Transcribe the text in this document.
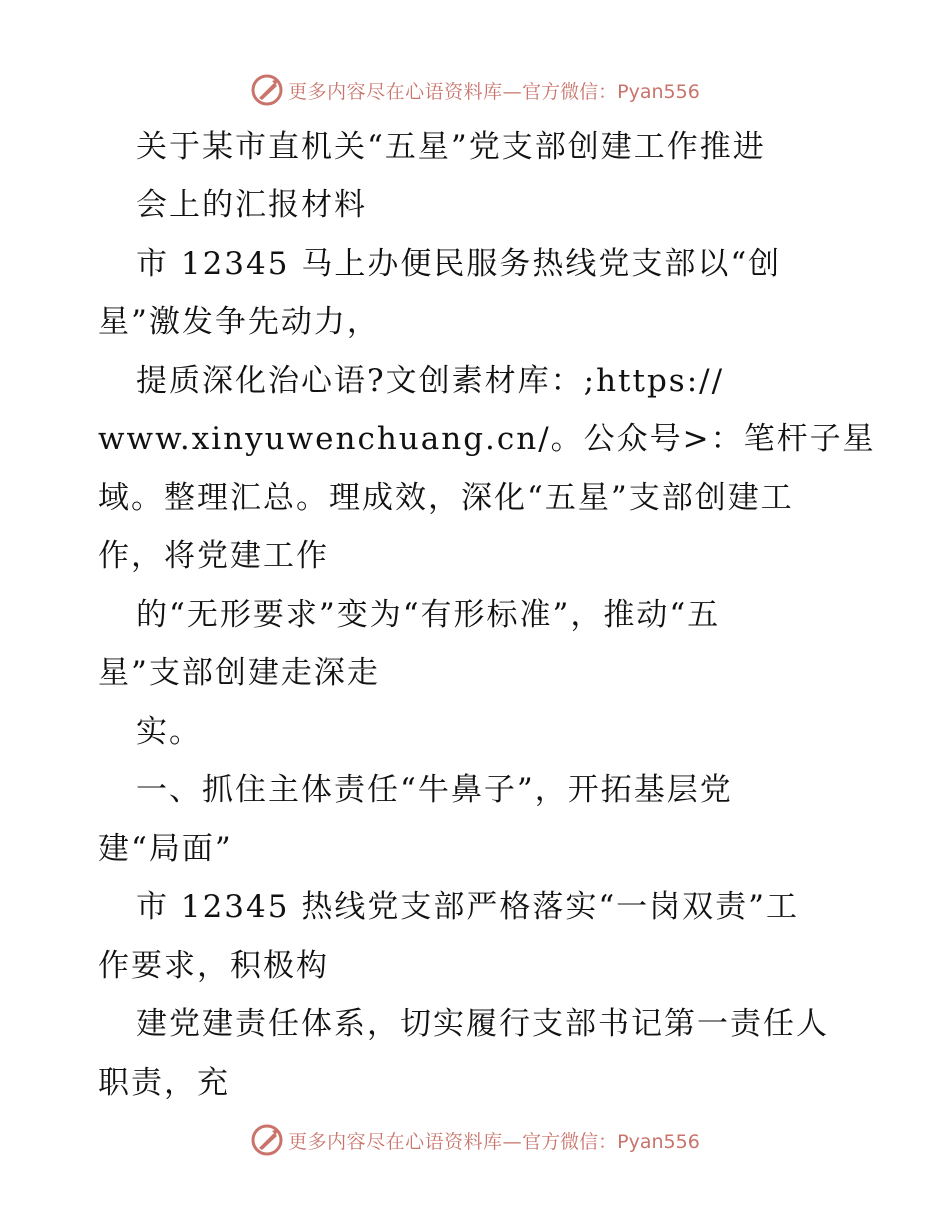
更多内容尽在心语资料库— 官方微信：Pyan556
关于某市直机关“五星”党支部创建工作推进
会上的汇报材料
市 12345 马上办便民服务热线党支部以“创
星”激发争先动力，
提质深化治心语?文创素材库：;https://
www.xinyuwenchuang.cn/。公众号>：笔杆子星
域。整理汇总。理成效，深化“五星”支部创建工
作，将党建工作
的“无形要求”变为“有形标准”，推动“五
星”支部创建走深走
实。
一、抓住主体责任“牛鼻子”，开拓基层党
建“局面”
市 12345 热线党支部严格落实“一岗双责”工
作要求，积极构
建党建责任体系，切实履行支部书记第一责任人
职责，充
更多内容尽在心语资料库— 官方微信：Pyan556
